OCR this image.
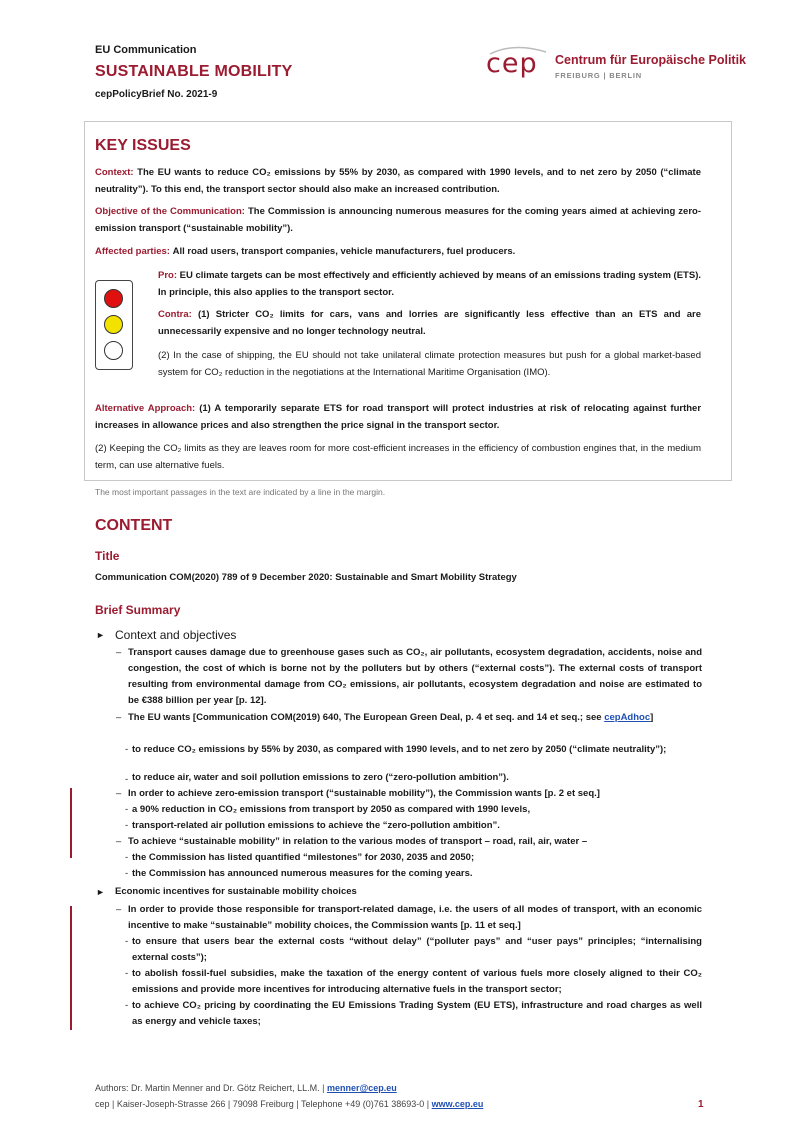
EU Communication
SUSTAINABLE MOBILITY
cepPolicyBrief No. 2021-9
cep Centrum für Europäische Politik
FREIBURG | BERLIN
KEY ISSUES
Context: The EU wants to reduce CO₂ emissions by 55% by 2030, as compared with 1990 levels, and to net zero by 2050 (“climate neutrality”). To this end, the transport sector should also make an increased contribution.
Objective of the Communication: The Commission is announcing numerous measures for the coming years aimed at achieving zero-emission transport (“sustainable mobility”).
Affected parties: All road users, transport companies, vehicle manufacturers, fuel producers.
Pro: EU climate targets can be most effectively and efficiently achieved by means of an emissions trading system (ETS). In principle, this also applies to the transport sector.
Contra: (1) Stricter CO₂ limits for cars, vans and lorries are significantly less effective than an ETS and are unnecessarily expensive and no longer technology neutral.
(2) In the case of shipping, the EU should not take unilateral climate protection measures but push for a global market-based system for CO₂ reduction in the negotiations at the International Maritime Organisation (IMO).
Alternative Approach: (1) A temporarily separate ETS for road transport will protect industries at risk of relocating against further increases in allowance prices and also strengthen the price signal in the transport sector.
(2) Keeping the CO₂ limits as they are leaves room for more cost-efficient increases in the efficiency of combustion engines that, in the medium term, can use alternative fuels.
The most important passages in the text are indicated by a line in the margin.
CONTENT
Title
Communication COM(2020) 789 of 9 December 2020: Sustainable and Smart Mobility Strategy
Brief Summary
► Context and objectives
– Transport causes damage due to greenhouse gases such as CO₂, air pollutants, ecosystem degradation, accidents, noise and congestion, the cost of which is borne not by the polluters but by others (“external costs”). The external costs of transport resulting from environmental damage from CO₂ emissions, air pollutants, ecosystem degradation and noise are estimated to be €388 billion per year [p. 12].
– The EU wants [Communication COM(2019) 640, The European Green Deal, p. 4 et seq. and 14 et seq.; see cepAdhoc]
- to reduce CO₂ emissions by 55% by 2030, as compared with 1990 levels, and to net zero by 2050 (“climate neutrality”);
- to reduce air, water and soil pollution emissions to zero (“zero-pollution ambition”).
– In order to achieve zero-emission transport (“sustainable mobility”), the Commission wants [p. 2 et seq.]
- a 90% reduction in CO₂ emissions from transport by 2050 as compared with 1990 levels,
- transport-related air pollution emissions to achieve the “zero-pollution ambition”.
– To achieve “sustainable mobility” in relation to the various modes of transport – road, rail, air, water –
- the Commission has listed quantified “milestones” for 2030, 2035 and 2050;
- the Commission has announced numerous measures for the coming years.
► Economic incentives for sustainable mobility choices
– In order to provide those responsible for transport-related damage, i.e. the users of all modes of transport, with an economic incentive to make “sustainable” mobility choices, the Commission wants [p. 11 et seq.]
- to ensure that users bear the external costs “without delay” (“polluter pays” and “user pays” principles; “internalising external costs”);
- to abolish fossil-fuel subsidies, make the taxation of the energy content of various fuels more closely aligned to their CO₂ emissions and provide more incentives for introducing alternative fuels in the transport sector;
- to achieve CO₂ pricing by coordinating the EU Emissions Trading System (EU ETS), infrastructure and road charges as well as energy and vehicle taxes;
Authors: Dr. Martin Menner and Dr. Götz Reichert, LL.M. | menner@cep.eu
cep | Kaiser-Joseph-Strasse 266 | 79098 Freiburg | Telephone +49 (0)761 38693-0 | www.cep.eu	1
